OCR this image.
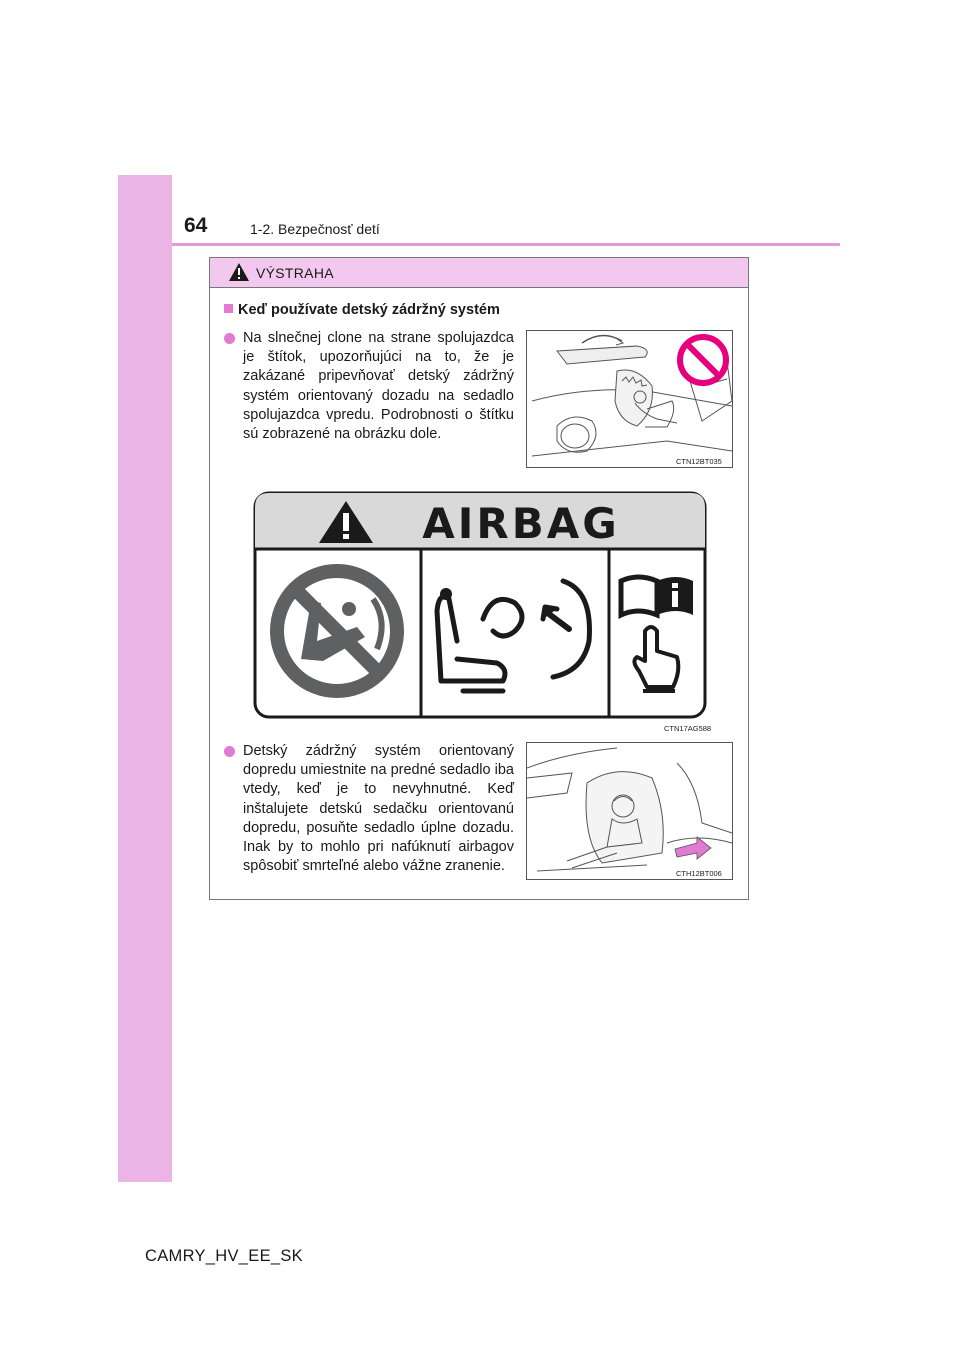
64	1-2. Bezpečnosť detí
VÝSTRAHA
Keď používate detský zádržný systém

Na slnečnej clone na strane spolujazdca je štítok, upozorňujúci na to, že je zakázané pripevňovať detský zádržný systém orientovaný dozadu na sedadlo spolujazdca vpredu. Podrobnosti o štítku sú zobrazené na obrázku dole.

CTN12BT035
CTN17AG588

Detský zádržný systém orientovaný dopredu umiestnite na predné sedadlo iba vtedy, keď je to nevyhnutné. Keď inštalujete detskú sedačku orientovanú dopredu, posuňte sedadlo úplne dozadu. Inak by to mohlo pri nafúknutí airbagov spôsobiť smrteľné alebo vážne zranenie.	CTH12BT006
AIRBAG
CAMRY_HV_EE_SK
